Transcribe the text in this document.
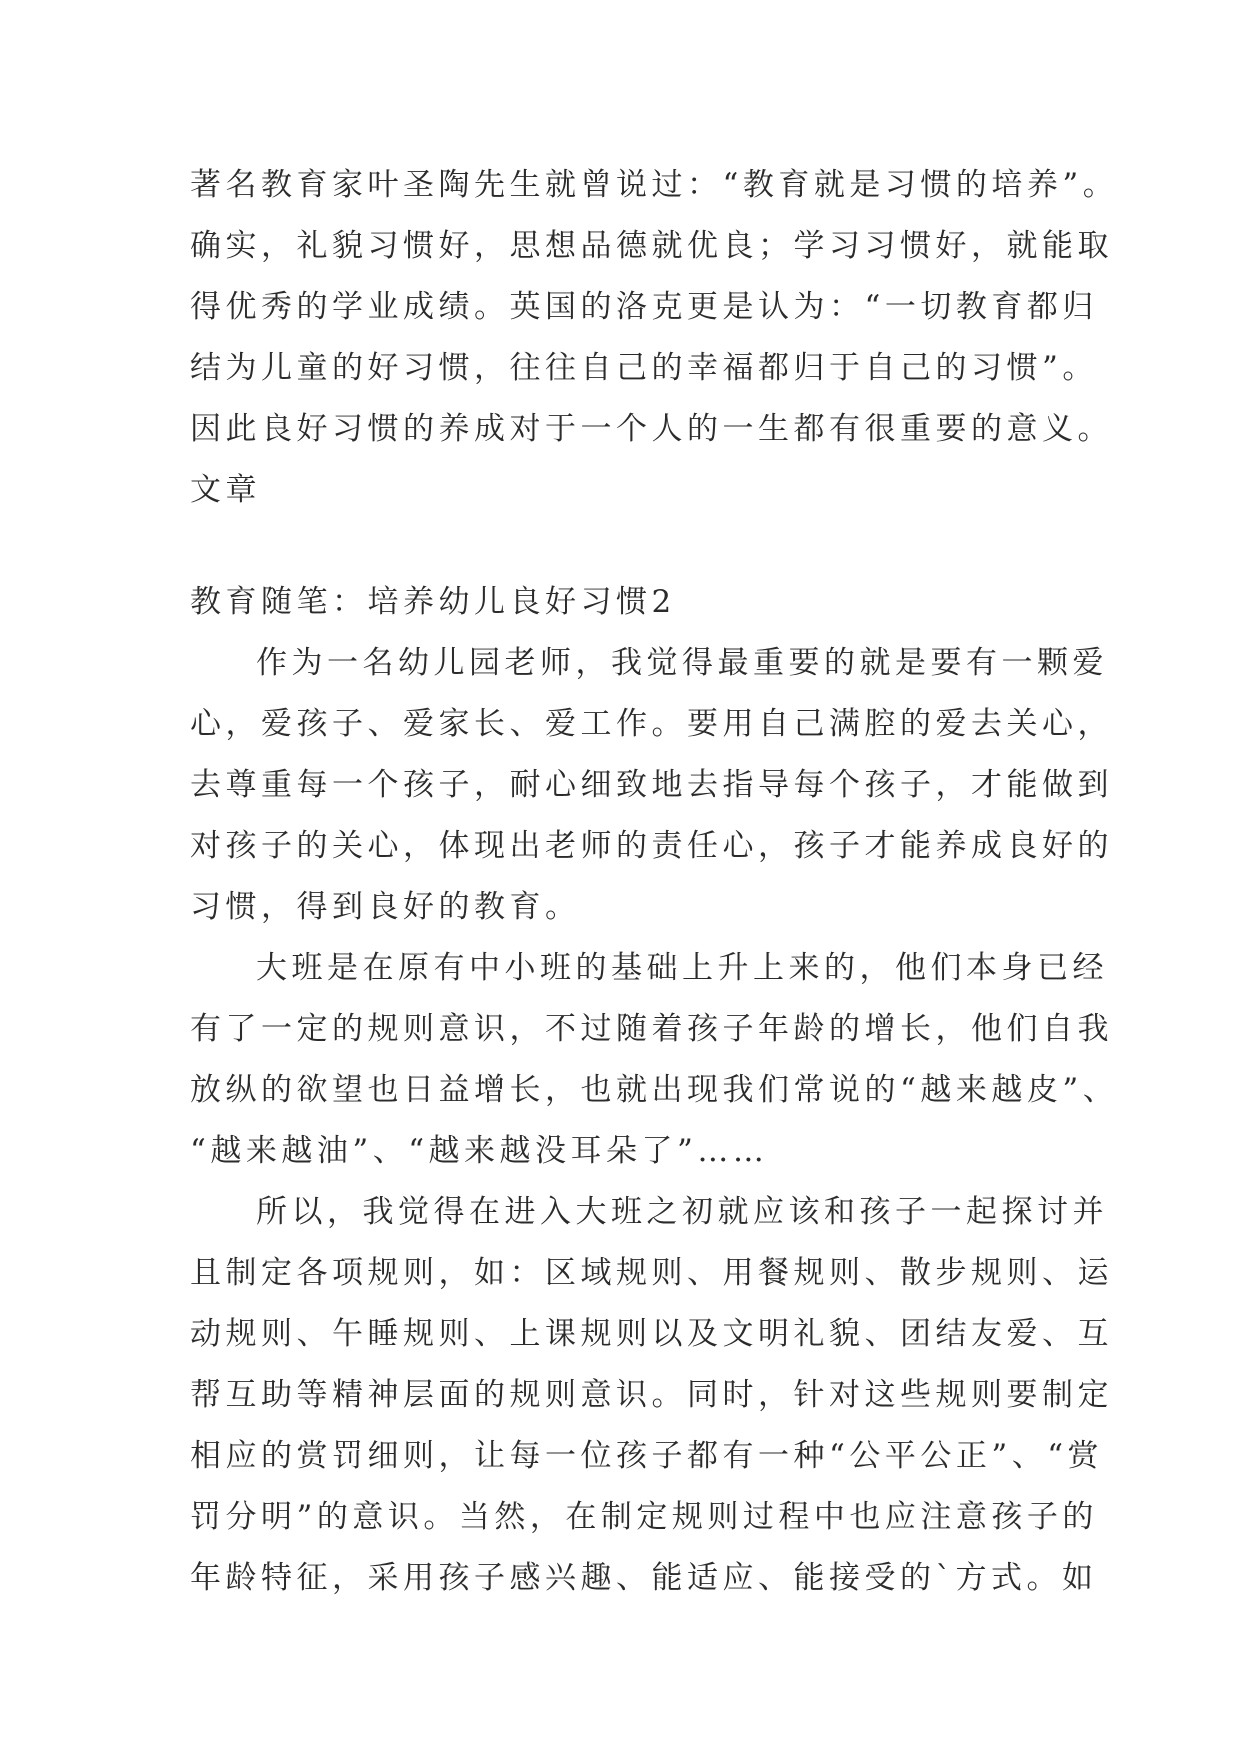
著名教育家叶圣陶先生就曾说过：“教育就是习惯的培养”。
确实，礼貌习惯好，思想品德就优良；学习习惯好，就能取
得优秀的学业成绩。英国的洛克更是认为：“一切教育都归
结为儿童的好习惯，往往自己的幸福都归于自己的习惯”。
因此良好习惯的养成对于一个人的一生都有很重要的意义。
文章
教育随笔：培养幼儿良好习惯2
作为一名幼儿园老师，我觉得最重要的就是要有一颗爱
心，爱孩子、爱家长、爱工作。要用自己满腔的爱去关心，
去尊重每一个孩子，耐心细致地去指导每个孩子，才能做到
对孩子的关心，体现出老师的责任心，孩子才能养成良好的
习惯，得到良好的教育。
大班是在原有中小班的基础上升上来的，他们本身已经
有了一定的规则意识，不过随着孩子年龄的增长，他们自我
放纵的欲望也日益增长，也就出现我们常说的“越来越皮”、
“越来越油”、“越来越没耳朵了”……
所以，我觉得在进入大班之初就应该和孩子一起探讨并
且制定各项规则，如：区域规则、用餐规则、散步规则、运
动规则、午睡规则、上课规则以及文明礼貌、团结友爱、互
帮互助等精神层面的规则意识。同时，针对这些规则要制定
相应的赏罚细则，让每一位孩子都有一种“公平公正”、“赏
罚分明”的意识。当然，在制定规则过程中也应注意孩子的
年龄特征，采用孩子感兴趣、能适应、能接受的`方式。如
